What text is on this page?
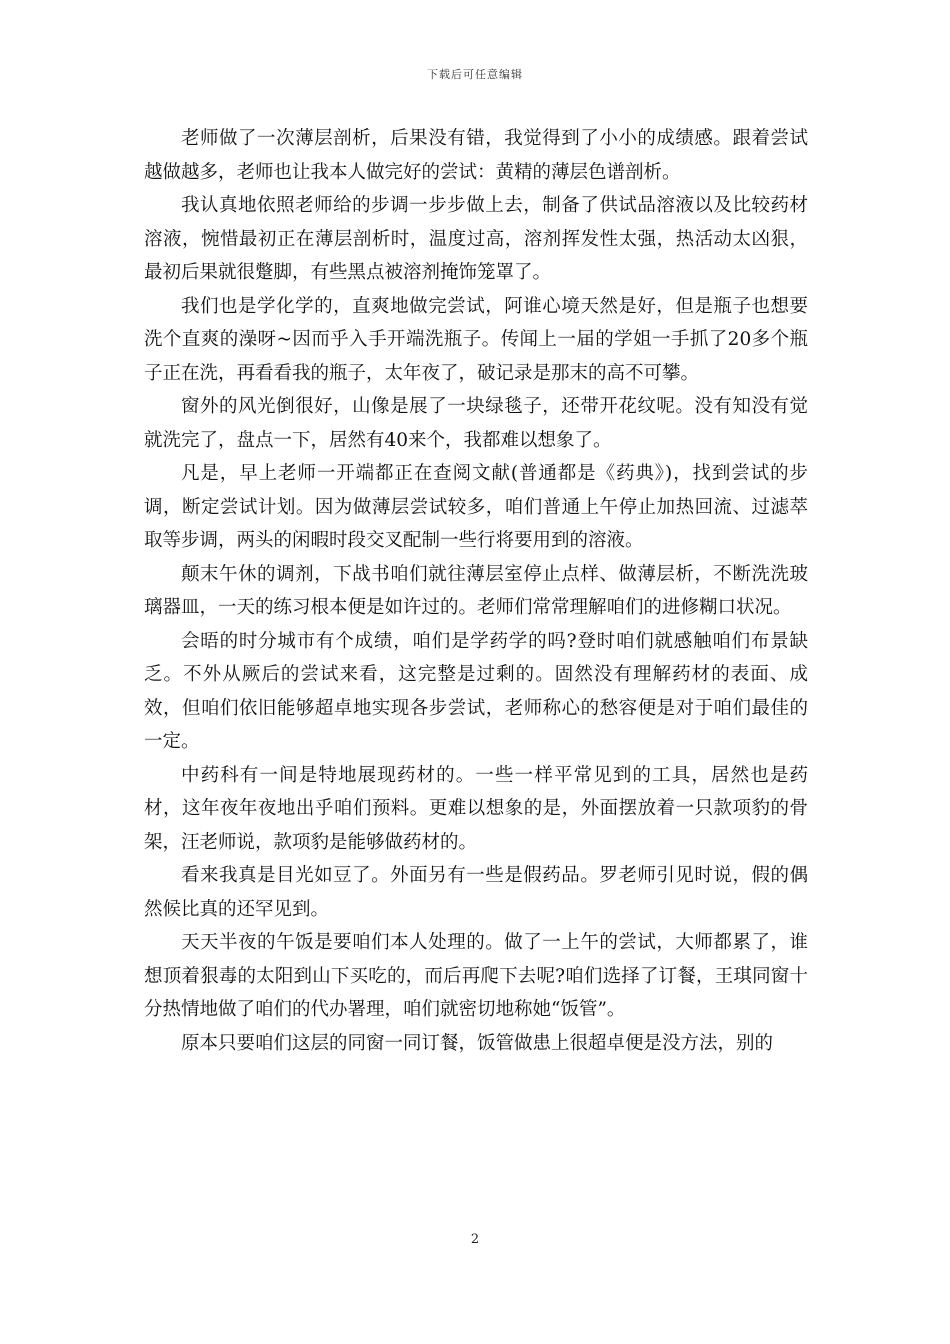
下载后可任意编辑

老师做了一次薄层剖析，后果没有错，我觉得到了小小的成绩感。跟着尝试越做越多，老师也让我本人做完好的尝试：黄精的薄层色谱剖析。

我认真地依照老师给的步调一步步做上去，制备了供试品溶液以及比较药材溶液，惋惜最初正在薄层剖析时，温度过高，溶剂挥发性太强，热活动太凶狠，最初后果就很蹩脚，有些黑点被溶剂掩饰笼罩了。

我们也是学化学的，直爽地做完尝试，阿谁心境天然是好，但是瓶子也想要洗个直爽的澡呀~因而乎入手开端洗瓶子。传闻上一届的学姐一手抓了20多个瓶子正在洗，再看看我的瓶子，太年夜了，破记录是那末的高不可攀。

窗外的风光倒很好，山像是展了一块绿毯子，还带开花纹呢。没有知没有觉就洗完了，盘点一下，居然有40来个，我都难以想象了。

凡是，早上老师一开端都正在查阅文献(普通都是《药典》)，找到尝试的步调，断定尝试计划。因为做薄层尝试较多，咱们普通上午停止加热回流、过滤萃取等步调，两头的闲暇时段交叉配制一些行将要用到的溶液。

颠末午休的调剂，下战书咱们就往薄层室停止点样、做薄层析，不断洗洗玻璃器皿，一天的练习根本便是如许过的。老师们常常理解咱们的进修糊口状况。

会晤的时分城市有个成绩，咱们是学药学的吗?登时咱们就感触咱们布景缺乏。不外从厥后的尝试来看，这完整是过剩的。固然没有理解药材的表面、成效，但咱们依旧能够超卓地实现各步尝试，老师称心的愁容便是对于咱们最佳的一定。

中药科有一间是特地展现药材的。一些一样平常见到的工具，居然也是药材，这年夜年夜地出乎咱们预料。更难以想象的是，外面摆放着一只款项豹的骨架，汪老师说，款项豹是能够做药材的。

看来我真是目光如豆了。外面另有一些是假药品。罗老师引见时说，假的偶然候比真的还罕见到。

天天半夜的午饭是要咱们本人处理的。做了一上午的尝试，大师都累了，谁想顶着狠毒的太阳到山下买吃的，而后再爬下去呢?咱们选择了订餐，王琪同窗十分热情地做了咱们的代办署理，咱们就密切地称她“饭管”。

原本只要咱们这层的同窗一同订餐，饭管做患上很超卓便是没方法，别的

2
